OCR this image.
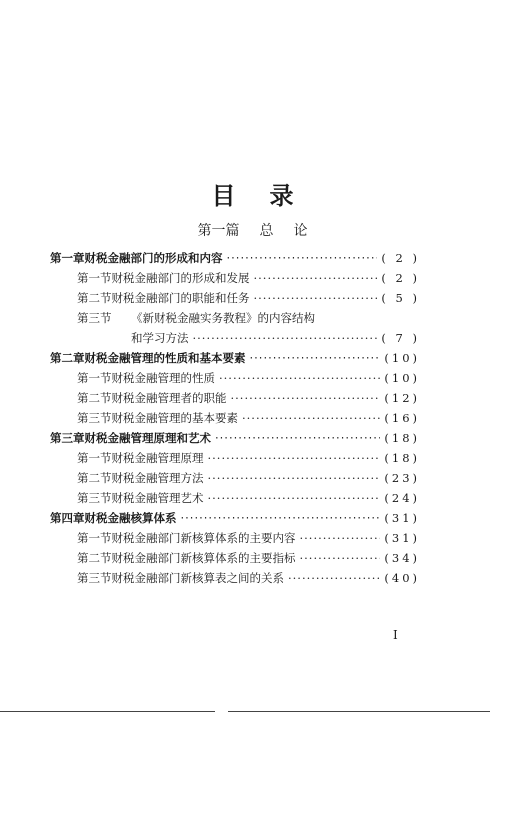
目 录
第一篇 总 论
第一章 财税金融部门的形成和内容 ·····	( 2 )
第一节 财税金融部门的形成和发展 ·····	( 2 )
第二节 财税金融部门的职能和任务 ·····	( 5 )
第三节	《新财税金融实务教程》的内容结构
和学习方法 ·····	( 7 )
第二章 财税金融管理的性质和基本要素 ·····	(10)
第一节 财税金融管理的性质 ·····	(10)
第二节 财税金融管理者的职能 ·····	(12)
第三节 财税金融管理的基本要素 ·····	(16)
第三章 财税金融管理原理和艺术 ·····	(18)
第一节 财税金融管理原理 ·····	(18)
第二节 财税金融管理方法 ·····	(23)
第三节 财税金融管理艺术 ·····	(24)
第四章 财税金融核算体系 ·····	(31)
第一节 财税金融部门新核算体系的主要内容 ·····	(31)
第二节 财税金融部门新核算体系的主要指标 ·····	(34)
第三节 财税金融部门新核算表之间的关系 ·····	(40)
I
